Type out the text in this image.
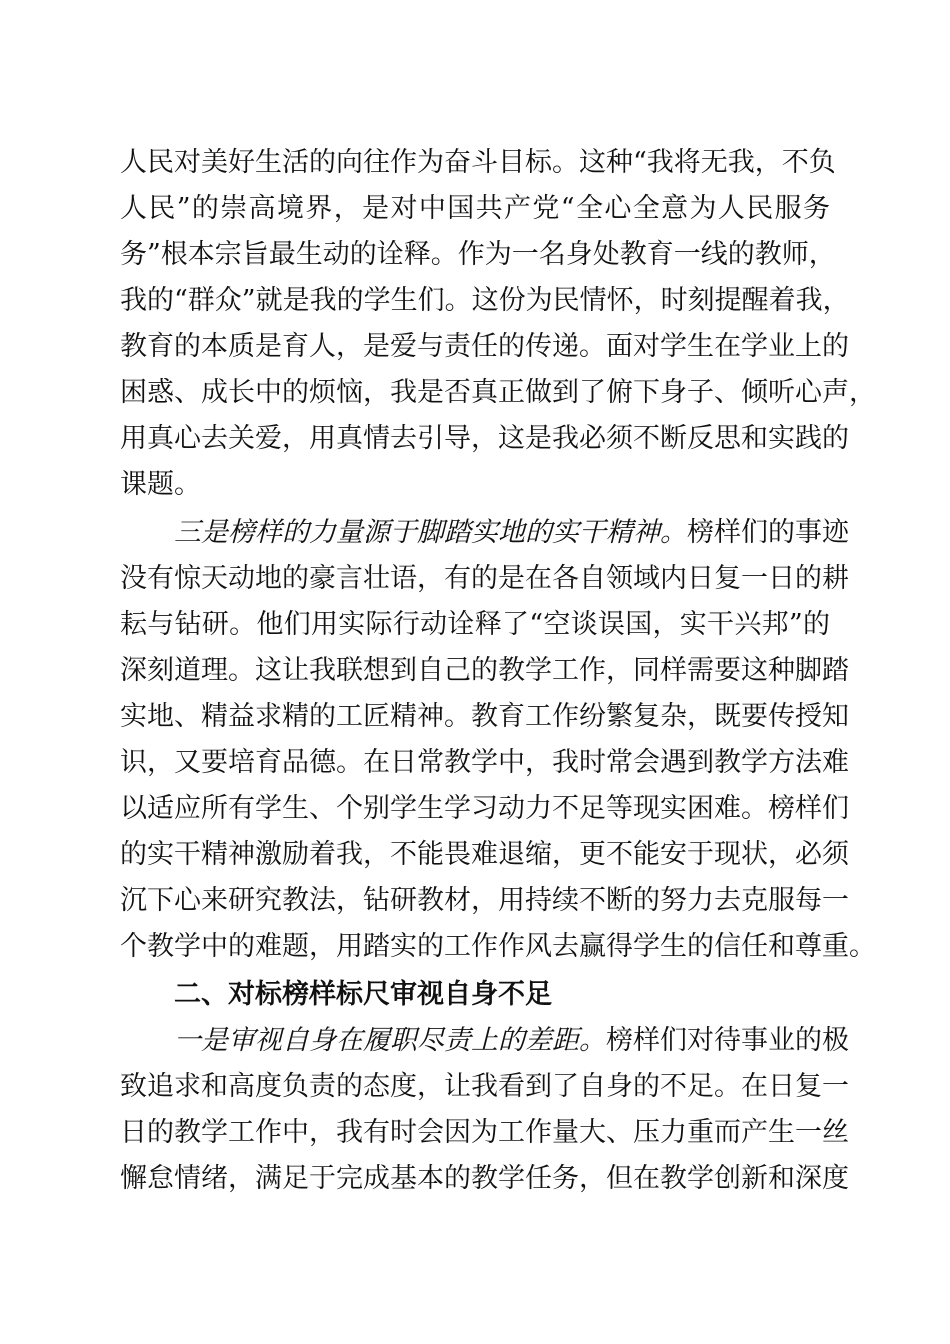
人民对美好生活的向往作为奋斗目标。这种“我将无我，不负
人民”的崇高境界，是对中国共产党“全心全意为人民服务
务”根本宗旨最生动的诠释。作为一名身处教育一线的教师，
我的“群众”就是我的学生们。这份为民情怀，时刻提醒着我，
教育的本质是育人，是爱与责任的传递。面对学生在学业上的
困惑、成长中的烦恼，我是否真正做到了俯下身子、倾听心声，
用真心去关爱，用真情去引导，这是我必须不断反思和实践的
课题。
三是榜样的力量源于脚踏实地的实干精神。榜样们的事迹
没有惊天动地的豪言壮语，有的是在各自领域内日复一日的耕
耘与钻研。他们用实际行动诠释了“空谈误国，实干兴邦”的
深刻道理。这让我联想到自己的教学工作，同样需要这种脚踏
实地、精益求精的工匠精神。教育工作纷繁复杂，既要传授知
识，又要培育品德。在日常教学中，我时常会遇到教学方法难
以适应所有学生、个别学生学习动力不足等现实困难。榜样们
的实干精神激励着我，不能畏难退缩，更不能安于现状，必须
沉下心来研究教法，钻研教材，用持续不断的努力去克服每一
个教学中的难题，用踏实的工作作风去赢得学生的信任和尊重。
二、对标榜样标尺审视自身不足
一是审视自身在履职尽责上的差距。榜样们对待事业的极
致追求和高度负责的态度，让我看到了自身的不足。在日复一
日的教学工作中，我有时会因为工作量大、压力重而产生一丝
懈怠情绪，满足于完成基本的教学任务，但在教学创新和深度
